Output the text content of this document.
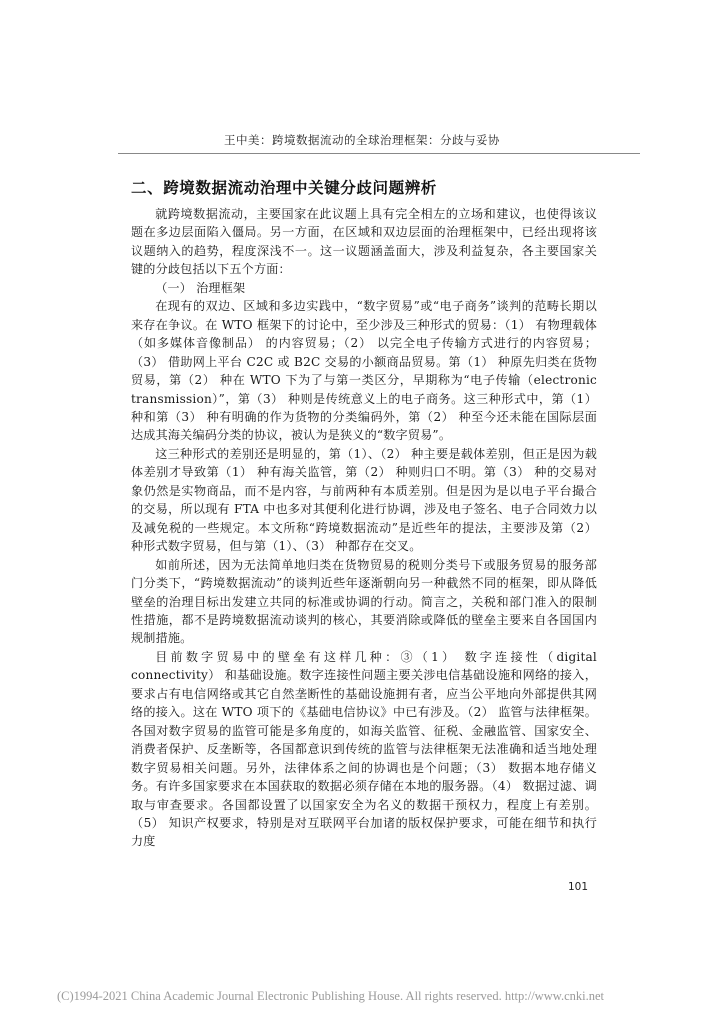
王中美：跨境数据流动的全球治理框架：分歧与妥协
二、跨境数据流动治理中关键分歧问题辨析

就跨境数据流动，主要国家在此议题上具有完全相左的立场和建议，也使得该议题在多边层面陷入僵局。另一方面，在区域和双边层面的治理框架中，已经出现将该议题纳入的趋势，程度深浅不一。这一议题涵盖面大，涉及利益复杂，各主要国家关键的分歧包括以下五个方面：

（一） 治理框架

在现有的双边、区域和多边实践中，“数字贸易”或“电子商务”谈判的范畴长期以来存在争议。在 WTO 框架下的讨论中，至少涉及三种形式的贸易：（1） 有物理载体（如多媒体音像制品） 的内容贸易；（2） 以完全电子传输方式进行的内容贸易；（3） 借助网上平台 C2C 或 B2C 交易的小额商品贸易。第（1） 种原先归类在货物贸易，第（2） 种在 WTO 下为了与第一类区分，早期称为“电子传输（electronic transmission）”，第（3） 种则是传统意义上的电子商务。这三种形式中，第（1） 种和第（3） 种有明确的作为货物的分类编码外，第（2） 种至今还未能在国际层面达成其海关编码分类的协议，被认为是狭义的“数字贸易”。

这三种形式的差别还是明显的，第（1）、（2） 种主要是载体差别，但正是因为载体差别才导致第（1） 种有海关监管，第（2） 种则归口不明。第（3） 种的交易对象仍然是实物商品，而不是内容，与前两种有本质差别。但是因为是以电子平台撮合的交易，所以现有 FTA 中也多对其便利化进行协调，涉及电子签名、电子合同效力以及减免税的一些规定。本文所称“跨境数据流动”是近些年的提法，主要涉及第（2） 种形式数字贸易，但与第（1）、（3） 种都存在交叉。

如前所述，因为无法简单地归类在货物贸易的税则分类号下或服务贸易的服务部门分类下，“跨境数据流动”的谈判近些年逐渐朝向另一种截然不同的框架，即从降低壁垒的治理目标出发建立共同的标准或协调的行动。简言之，关税和部门准入的限制性措施，都不是跨境数据流动谈判的核心，其要消除或降低的壁垒主要来自各国国内规制措施。

目前数字贸易中的壁垒有这样几种：③（1） 数字连接性（digital connectivity） 和基础设施。数字连接性问题主要关涉电信基础设施和网络的接入，要求占有电信网络或其它自然垄断性的基础设施拥有者，应当公平地向外部提供其网络的接入。这在 WTO 项下的《基础电信协议》中已有涉及。（2） 监管与法律框架。各国对数字贸易的监管可能是多角度的，如海关监管、征税、金融监管、国家安全、消费者保护、反垄断等，各国都意识到传统的监管与法律框架无法准确和适当地处理数字贸易相关问题。另外，法律体系之间的协调也是个问题；（3） 数据本地存储义务。有许多国家要求在本国获取的数据必须存储在本地的服务器。（4） 数据过滤、调取与审查要求。各国都设置了以国家安全为名义的数据干预权力，程度上有差别。（5） 知识产权要求，特别是对互联网平台加诸的版权保护要求，可能在细节和执行力度

101
(C)1994-2021 China Academic Journal Electronic Publishing House. All rights reserved. http://www.cnki.net
